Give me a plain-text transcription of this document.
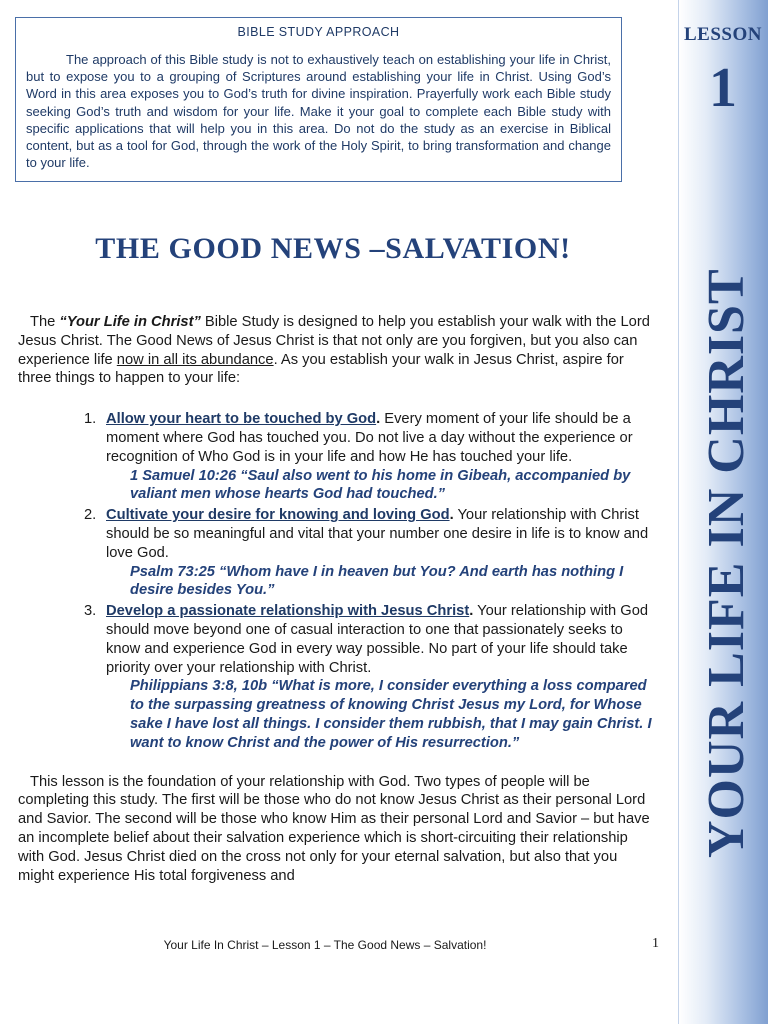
LESSON
1
YOUR LIFE IN CHRIST
BIBLE STUDY APPROACH

The approach of this Bible study is not to exhaustively teach on establishing your life in Christ, but to expose you to a grouping of Scriptures around establishing your life in Christ. Using God’s Word in this area exposes you to God’s truth for divine inspiration. Prayerfully work each Bible study seeking God’s truth and wisdom for your life. Make it your goal to complete each Bible study with specific applications that will help you in this area. Do not do the study as an exercise in Biblical content, but as a tool for God, through the work of the Holy Spirit, to bring transformation and change to your life.

THE GOOD NEWS –SALVATION!

The “Your Life in Christ” Bible Study is designed to help you establish your walk with the Lord Jesus Christ. The Good News of Jesus Christ is that not only are you forgiven, but you also can experience life now in all its abundance. As you establish your walk in Jesus Christ, aspire for three things to happen to your life:

1. Allow your heart to be touched by God. Every moment of your life should be a moment where God has touched you. Do not live a day without the experience or recognition of Who God is in your life and how He has touched your life.
1 Samuel 10:26 “Saul also went to his home in Gibeah, accompanied by valiant men whose hearts God had touched.”
2. Cultivate your desire for knowing and loving God. Your relationship with Christ should be so meaningful and vital that your number one desire in life is to know and love God.
Psalm 73:25 “Whom have I in heaven but You? And earth has nothing I desire besides You.”
3. Develop a passionate relationship with Jesus Christ. Your relationship with God should move beyond one of casual interaction to one that passionately seeks to know and experience God in every way possible. No part of your life should take priority over your relationship with Christ.
Philippians 3:8, 10b “What is more, I consider everything a loss compared to the surpassing greatness of knowing Christ Jesus my Lord, for Whose sake I have lost all things. I consider them rubbish, that I may gain Christ. I want to know Christ and the power of His resurrection.”

This lesson is the foundation of your relationship with God. Two types of people will be completing this study. The first will be those who do not know Jesus Christ as their personal Lord and Savior. The second will be those who know Him as their personal Lord and Savior – but have an incomplete belief about their salvation experience which is short-circuiting their relationship with God. Jesus Christ died on the cross not only for your eternal salvation, but also that you might experience His total forgiveness and

Your Life In Christ – Lesson 1 – The Good News – Salvation!	1
